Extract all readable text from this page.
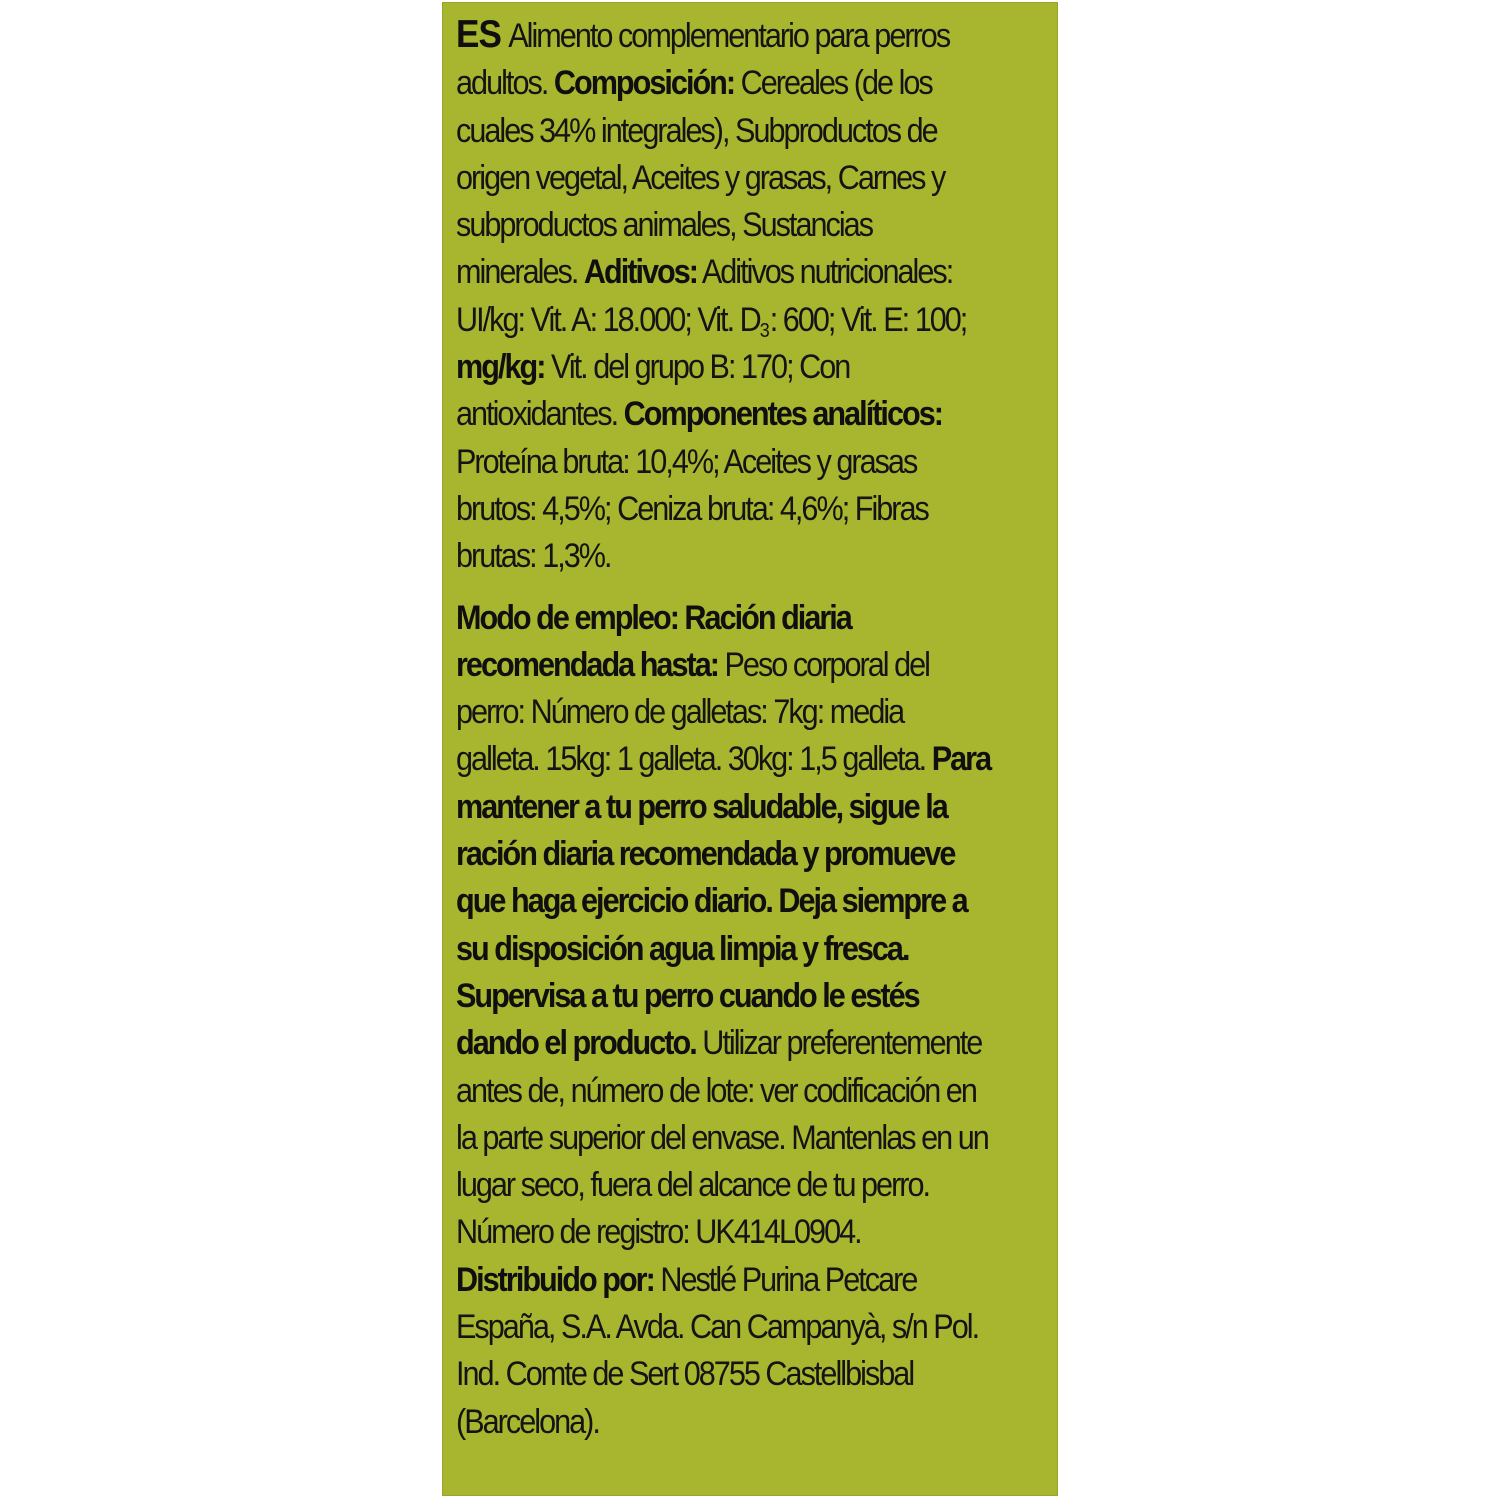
ES Alimento complementario para perros adultos. Composición: Cereales (de los cuales 34% integrales), Subproductos de origen vegetal, Aceites y grasas, Carnes y subproductos animales, Sustancias minerales. Aditivos: Aditivos nutricionales: UI/kg: Vit. A: 18.000; Vit. $D_3$: 600; Vit. E: 100; mg/kg: Vit. del grupo B: 170; Con antioxidantes. Componentes analíticos: Proteína bruta: 10,4%; Aceites y grasas brutos: 4,5%; Ceniza bruta: 4,6%; Fibras brutas: 1,3%.
Modo de empleo: Ración diaria recomendada hasta: Peso corporal del perro: Número de galletas: 7kg: media galleta. 15kg: 1 galleta. 30kg: 1,5 galleta. Para mantener a tu perro saludable, sigue la ración diaria recomendada y promueve que haga ejercicio diario. Deja siempre a su disposición agua limpia y fresca. Supervisa a tu perro cuando le estés dando el producto. Utilizar preferentemente antes de, número de lote: ver codificación en la parte superior del envase. Mantenlas en un lugar seco, fuera del alcance de tu perro. Número de registro: UK414L0904. Distribuido por: Nestlé Purina Petcare España, S.A. Avda. Can Campanyà, s/n Pol. Ind. Comte de Sert 08755 Castellbisbal (Barcelona).
